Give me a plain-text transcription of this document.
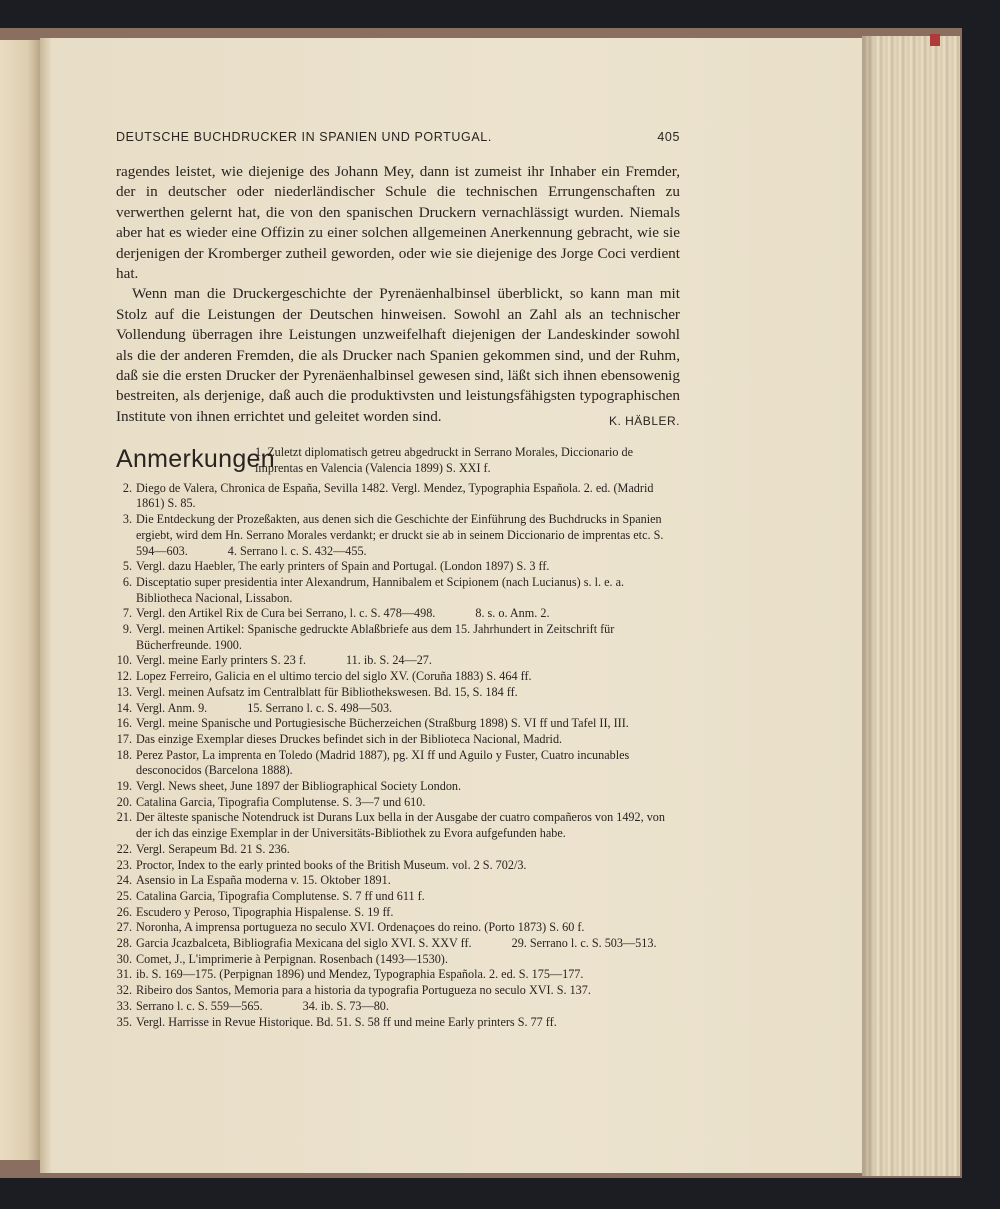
DEUTSCHE BUCHDRUCKER IN SPANIEN UND PORTUGAL.	405

ragendes leistet, wie diejenige des Johann Mey, dann ist zumeist ihr Inhaber ein Fremder, der in deutscher oder niederländischer Schule die technischen Errungenschaften zu verwerthen gelernt hat, die von den spanischen Druckern vernachlässigt wurden. Niemals aber hat es wieder eine Offizin zu einer solchen allgemeinen Anerkennung gebracht, wie sie derjenigen der Kromberger zutheil geworden, oder wie sie diejenige des Jorge Coci verdient hat.

Wenn man die Druckergeschichte der Pyrenäenhalbinsel überblickt, so kann man mit Stolz auf die Leistungen der Deutschen hinweisen. Sowohl an Zahl als an technischer Vollendung überragen ihre Leistungen unzweifelhaft diejenigen der Landeskinder sowohl als die der anderen Fremden, die als Drucker nach Spanien gekommen sind, und der Ruhm, daß sie die ersten Drucker der Pyrenäenhalbinsel gewesen sind, läßt sich ihnen ebensowenig bestreiten, als derjenige, daß auch die produktivsten und leistungsfähigsten typographischen Institute von ihnen errichtet und geleitet worden sind.	K. HÄBLER.

Anmerkungen
1. Zuletzt diplomatisch getreu abgedruckt in Serrano Morales, Diccionario de imprentas en Valencia (Valencia 1899) S. XXI f.
2. Diego de Valera, Chronica de España, Sevilla 1482. Vergl. Mendez, Typographia Española. 2. ed. (Madrid 1861) S. 85.
3. Die Entdeckung der Prozeßakten, aus denen sich die Geschichte der Einführung des Buchdrucks in Spanien ergiebt, wird dem Hn. Serrano Morales verdankt; er druckt sie ab in seinem Diccionario de imprentas etc. S. 594—603.	4. Serrano l. c. S. 432—455.
5. Vergl. dazu Haebler, The early printers of Spain and Portugal. (London 1897) S. 3 ff.
6. Disceptatio super presidentia inter Alexandrum, Hannibalem et Scipionem (nach Lucianus) s. l. e. a. Bibliotheca Nacional, Lissabon.
7. Vergl. den Artikel Rix de Cura bei Serrano, l. c. S. 478—498.	8. s. o. Anm. 2.
9. Vergl. meinen Artikel: Spanische gedruckte Ablaßbriefe aus dem 15. Jahrhundert in Zeitschrift für Bücherfreunde. 1900.
10. Vergl. meine Early printers S. 23 f.	11. ib. S. 24—27.
12. Lopez Ferreiro, Galicia en el ultimo tercio del siglo XV. (Coruña 1883) S. 464 ff.
13. Vergl. meinen Aufsatz im Centralblatt für Bibliothekswesen. Bd. 15, S. 184 ff.
14. Vergl. Anm. 9.	15. Serrano l. c. S. 498—503.
16. Vergl. meine Spanische und Portugiesische Bücherzeichen (Straßburg 1898) S. VI ff und Tafel II, III.
17. Das einzige Exemplar dieses Druckes befindet sich in der Biblioteca Nacional, Madrid.
18. Perez Pastor, La imprenta en Toledo (Madrid 1887), pg. XI ff und Aguilo y Fuster, Cuatro incunables desconocidos (Barcelona 1888).
19. Vergl. News sheet, June 1897 der Bibliographical Society London.
20. Catalina Garcia, Tipografia Complutense. S. 3—7 und 610.
21. Der älteste spanische Notendruck ist Durans Lux bella in der Ausgabe der cuatro compañeros von 1492, von der ich das einzige Exemplar in der Universitäts-Bibliothek zu Evora aufgefunden habe.
22. Vergl. Serapeum Bd. 21 S. 236.
23. Proctor, Index to the early printed books of the British Museum. vol. 2 S. 702/3.
24. Asensio in La España moderna v. 15. Oktober 1891.
25. Catalina Garcia, Tipografia Complutense. S. 7 ff und 611 f.
26. Escudero y Peroso, Tipographia Hispalense. S. 19 ff.
27. Noronha, A imprensa portugueza no seculo XVI. Ordenaçoes do reino. (Porto 1873) S. 60 f.
28. Garcia Jcazbalceta, Bibliografia Mexicana del siglo XVI. S. XXV ff.	29. Serrano l. c. S. 503—513.
30. Comet, J., L'imprimerie à Perpignan. Rosenbach (1493—1530).
31. ib. S. 169—175. (Perpignan 1896) und Mendez, Typographia Española. 2. ed. S. 175—177.
32. Ribeiro dos Santos, Memoria para a historia da typografia Portugueza no seculo XVI. S. 137.
33. Serrano l. c. S. 559—565.	34. ib. S. 73—80.
35. Vergl. Harrisse in Revue Historique. Bd. 51. S. 58 ff und meine Early printers S. 77 ff.
